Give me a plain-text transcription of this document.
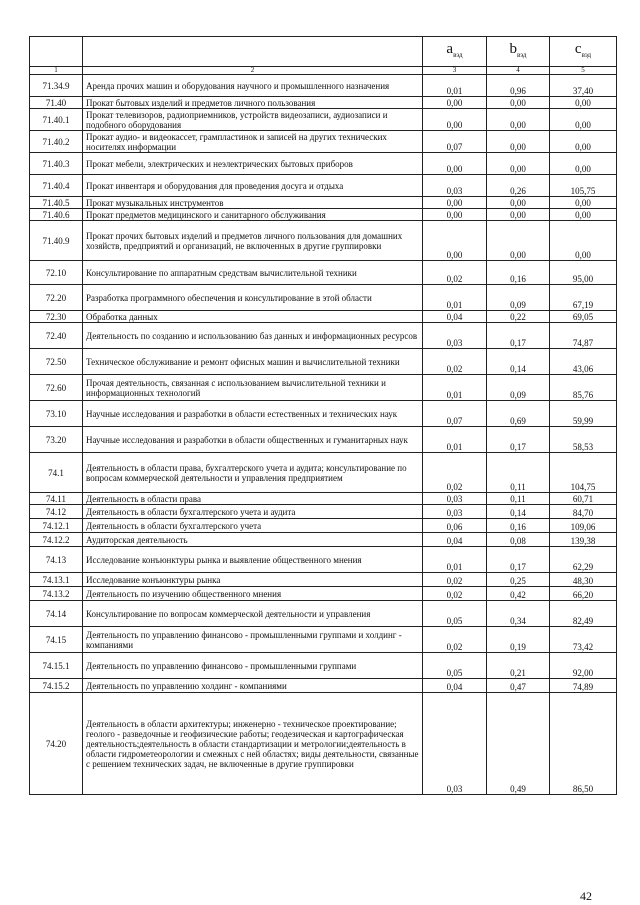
		$a_{вэд}$	$b_{вэд}$	$c_{вэд}$
1	2	3	4	5
71.34.9	Аренда прочих машин и оборудования научного и промышленного назначения	0,01	0,96	37,40
71.40	Прокат бытовых изделий и предметов личного пользования	0,00	0,00	0,00
71.40.1	Прокат телевизоров, радиоприемников, устройств видеозаписи, аудиозаписи и подобного оборудования	0,00	0,00	0,00
71.40.2	Прокат аудио- и видеокассет, грампластинок и записей на других технических носителях информации	0,07	0,00	0,00
71.40.3	Прокат мебели, электрических и неэлектрических бытовых приборов	0,00	0,00	0,00
71.40.4	Прокат инвентаря и оборудования для проведения досуга и отдыха	0,03	0,26	105,75
71.40.5	Прокат музыкальных инструментов	0,00	0,00	0,00
71.40.6	Прокат предметов медицинского и санитарного обслуживания	0,00	0,00	0,00
71.40.9	Прокат прочих бытовых изделий и предметов личного пользования для домашних хозяйств, предприятий и организаций, не включенных в другие группировки	0,00	0,00	0,00
72.10	Консультирование по аппаратным средствам вычислительной техники	0,02	0,16	95,00
72.20	Разработка программного обеспечения и консультирование в этой области	0,01	0,09	67,19
72.30	Обработка данных	0,04	0,22	69,05
72.40	Деятельность по созданию и использованию баз данных и информационных ресурсов	0,03	0,17	74,87
72.50	Техническое обслуживание и ремонт офисных машин и вычислительной техники	0,02	0,14	43,06
72.60	Прочая деятельность, связанная с использованием вычислительной техники и информационных технологий	0,01	0,09	85,76
73.10	Научные исследования и разработки в области естественных и технических наук	0,07	0,69	59,99
73.20	Научные исследования и разработки в области общественных и гуманитарных наук	0,01	0,17	58,53
74.1	Деятельность в области права, бухгалтерского учета и аудита; консультирование по вопросам коммерческой деятельности и управления предприятием	0,02	0,11	104,75
74.11	Деятельность в области права	0,03	0,11	60,71
74.12	Деятельность в области бухгалтерского учета и аудита	0,03	0,14	84,70
74.12.1	Деятельность в области бухгалтерского учета	0,06	0,16	109,06
74.12.2	Аудиторская деятельность	0,04	0,08	139,38
74.13	Исследование конъюнктуры рынка и выявление общественного мнения	0,01	0,17	62,29
74.13.1	Исследование конъюнктуры рынка	0,02	0,25	48,30
74.13.2	Деятельность по изучению общественного мнения	0,02	0,42	66,20
74.14	Консультирование по вопросам коммерческой деятельности и управления	0,05	0,34	82,49
74.15	Деятельность по управлению финансово - промышленными группами и холдинг - компаниями	0,02	0,19	73,42
74.15.1	Деятельность по управлению финансово - промышленными группами	0,05	0,21	92,00
74.15.2	Деятельность по управлению холдинг - компаниями	0,04	0,47	74,89
74.20	Деятельность в области архитектуры; инженерно - техническое проектирование; геолого - разведочные и геофизические работы; геодезическая и картографическая деятельность;деятельность в области стандартизации и метрологии;деятельность в области гидрометеорологии и смежных с ней областях; виды деятельности, связанные с решением технических задач, не включенные в другие группировки	0,03	0,49	86,50
42
